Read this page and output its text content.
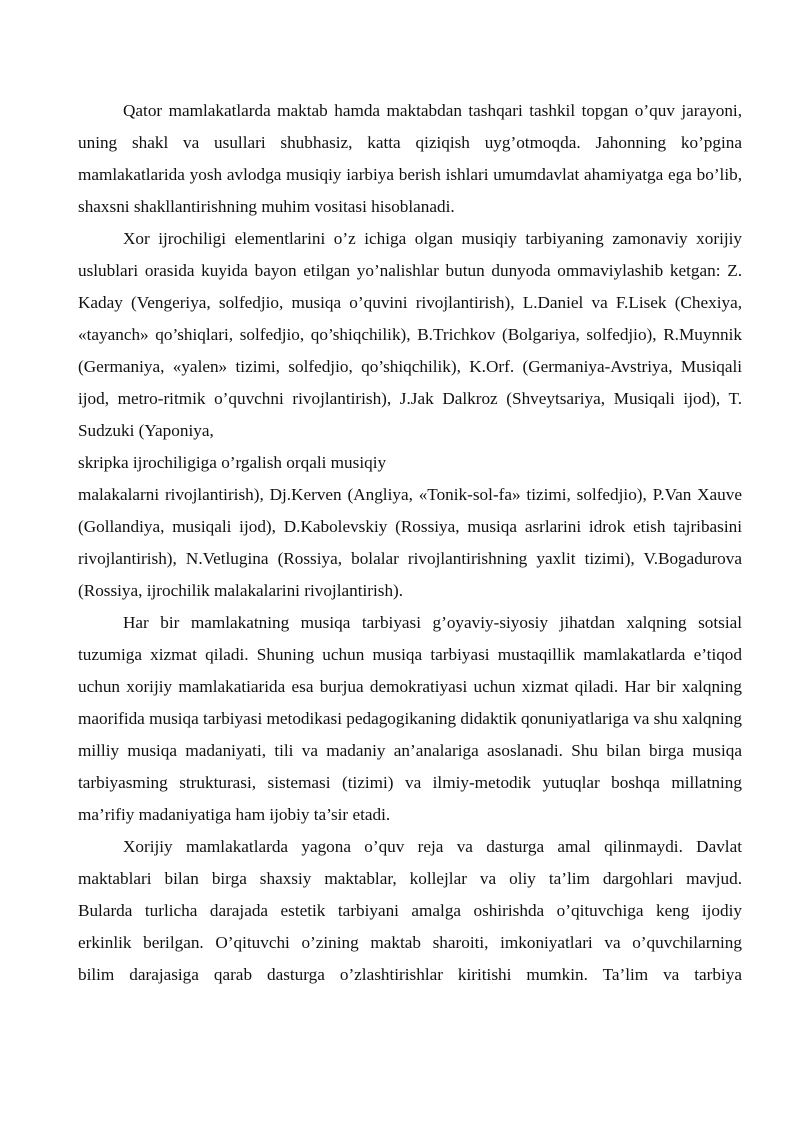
Qator mamlakatlarda maktab hamda maktabdan tashqari tashkil topgan o’quv jarayoni, uning shakl va usullari shubhasiz, katta qiziqish uyg’otmoqda. Jahonning ko’pgina mamlakatlarida yosh avlodga musiqiy iarbiya berish ishlari umumdavlat ahamiyatga ega bo’lib, shaxsni shakllantirishning muhim vositasi hisoblanadi.

Xor ijrochiligi elementlarini o’z ichiga olgan musiqiy tarbiyaning zamonaviy xorijiy uslublari orasida kuyida bayon etilgan yo’nalishlar butun dunyoda ommaviylashib ketgan: Z. Kaday (Vengeriya, solfedjio, musiqa o’quvini rivojlantirish), L.Daniel va F.Lisek (Chexiya, «tayanch» qo’shiqlari, solfedjio, qo’shiqchilik), B.Trichkov (Bolgariya, solfedjio), R.Muynnik (Germaniya, «yalen» tizimi, solfedjio, qo’shiqchilik), K.Orf. (Germaniya-Avstriya, Musiqali ijod, metro-ritmik o’quvchni rivojlantirish), J.Jak Dalkroz (Shveytsariya, Musiqali ijod), T. Sudzuki (Yaponiya,

skripka ijrochiligiga o’rgalish orqali musiqiy

malakalarni rivojlantirish), Dj.Kerven (Angliya, «Tonik-sol-fa» tizimi, solfedjio), P.Van Xauve (Gollandiya, musiqali ijod), D.Kabolevskiy (Rossiya, musiqa asrlarini idrok etish tajribasini rivojlantirish), N.Vetlugina (Rossiya, bolalar rivojlantirishning yaxlit tizimi), V.Bogadurova (Rossiya, ijrochilik malakalarini rivojlantirish).

Har bir mamlakatning musiqa tarbiyasi g’oyaviy-siyosiy jihatdan xalqning sotsial tuzumiga xizmat qiladi. Shuning uchun musiqa tarbiyasi mustaqillik mamlakatlarda e’tiqod uchun xorijiy mamlakatiarida esa burjua demokratiyasi uchun xizmat qiladi. Har bir xalqning maorifida musiqa tarbiyasi metodikasi pedagogikaning didaktik qonuniyatlariga va shu xalqning milliy musiqa madaniyati, tili va madaniy an’analariga asoslanadi. Shu bilan birga musiqa tarbiyasming strukturasi, sistemasi (tizimi) va ilmiy-metodik yutuqlar boshqa millatning ma’rifiy madaniyatiga ham ijobiy ta’sir etadi.

Xorijiy mamlakatlarda yagona o’quv reja va dasturga amal qilinmaydi. Davlat

maktablari bilan birga shaxsiy maktablar, kollejlar va oliy ta’lim dargohlari mavjud.

Bularda turlicha darajada estetik tarbiyani amalga oshirishda o’qituvchiga keng ijodiy

erkinlik berilgan. O’qituvchi o’zining maktab sharoiti, imkoniyatlari va o’quvchilarning

bilim darajasiga qarab dasturga o’zlashtirishlar kiritishi mumkin. Ta’lim va tarbiya
